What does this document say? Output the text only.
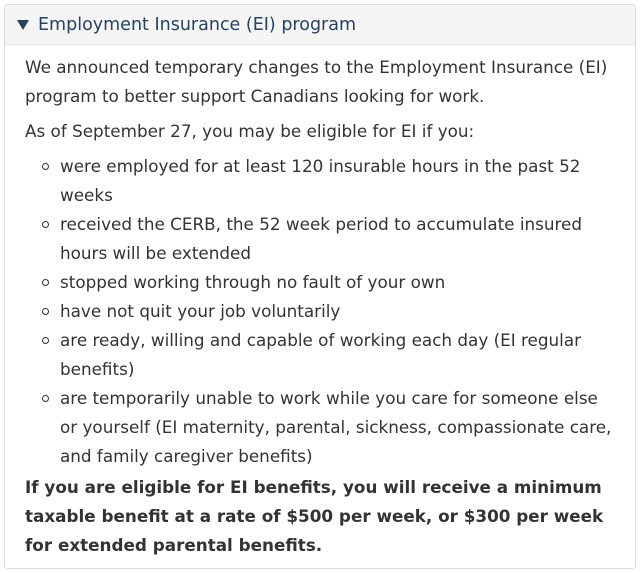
Employment Insurance (EI) program

We announced temporary changes to the Employment Insurance (EI) program to better support Canadians looking for work.

As of September 27, you may be eligible for EI if you:

were employed for at least 120 insurable hours in the past 52 weeks
received the CERB, the 52 week period to accumulate insured hours will be extended
stopped working through no fault of your own
have not quit your job voluntarily
are ready, willing and capable of working each day (EI regular benefits)
are temporarily unable to work while you care for someone else or yourself (EI maternity, parental, sickness, compassionate care, and family caregiver benefits)

If you are eligible for EI benefits, you will receive a minimum taxable benefit at a rate of $500 per week, or $300 per week for extended parental benefits.
